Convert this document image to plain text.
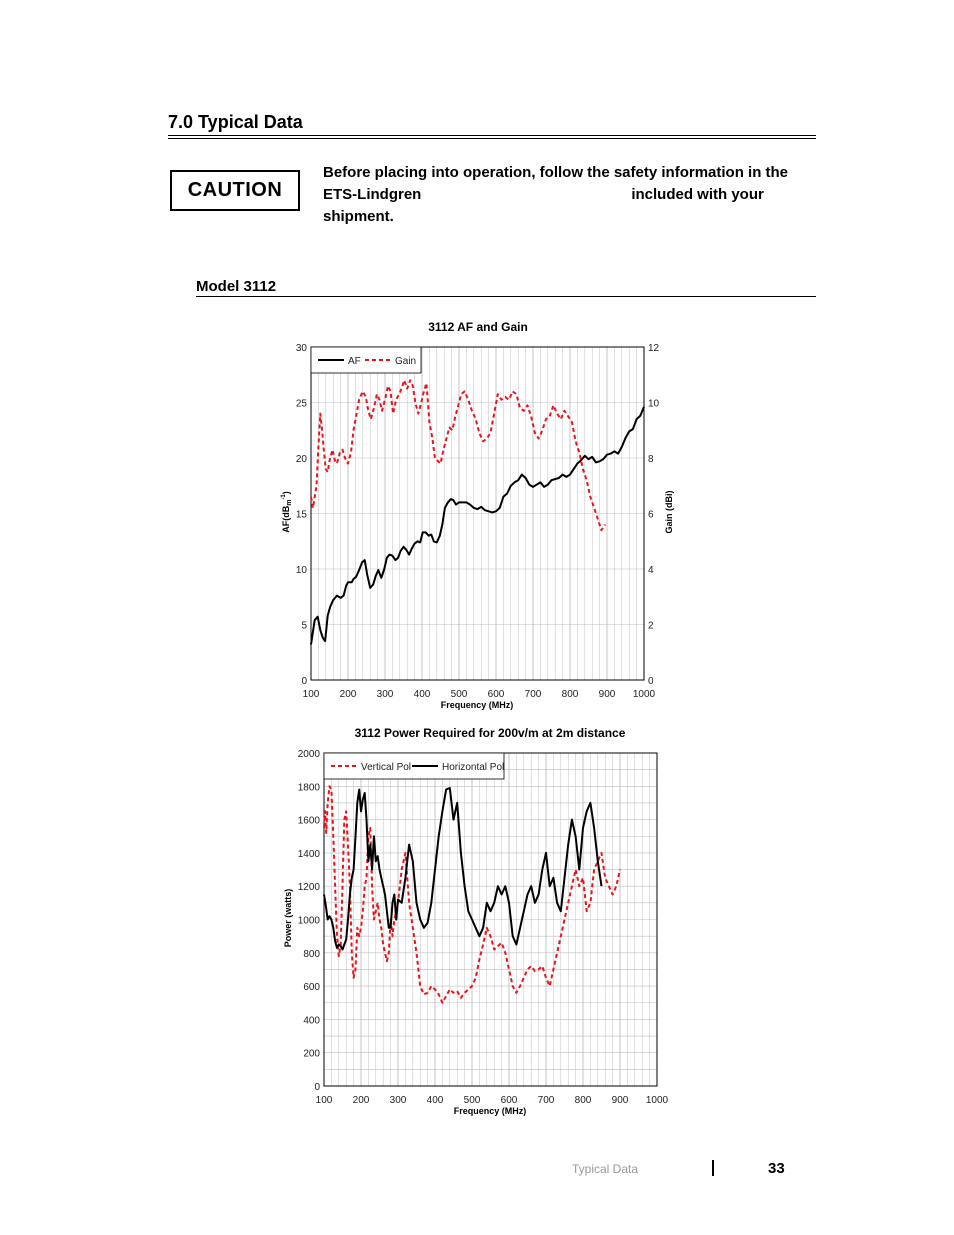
7.0 Typical Data
CAUTION
Before placing into operation, follow the safety information in the
ETS-Lindgren	included with your
shipment.
Model 3112
3112 AF and Gain
100 200 300 400 500 600 700 800 900 1000
0
5
10
15
20
25
30
0
2
4
6
8
10
12
Frequency (MHz)
$AF(dB_m^{-1})$	Gain (dBi)
AF	Gain
3112 Power Required for 200v/m at 2m distance
100 200 300 400 500 600 700 800 900 1000
0
200
400
600
800
1000
1200
1400
1600
1800
2000
Frequency (MHz)
Power (watts)
Vertical Pol	Horizontal Pol
Typical Data	33
